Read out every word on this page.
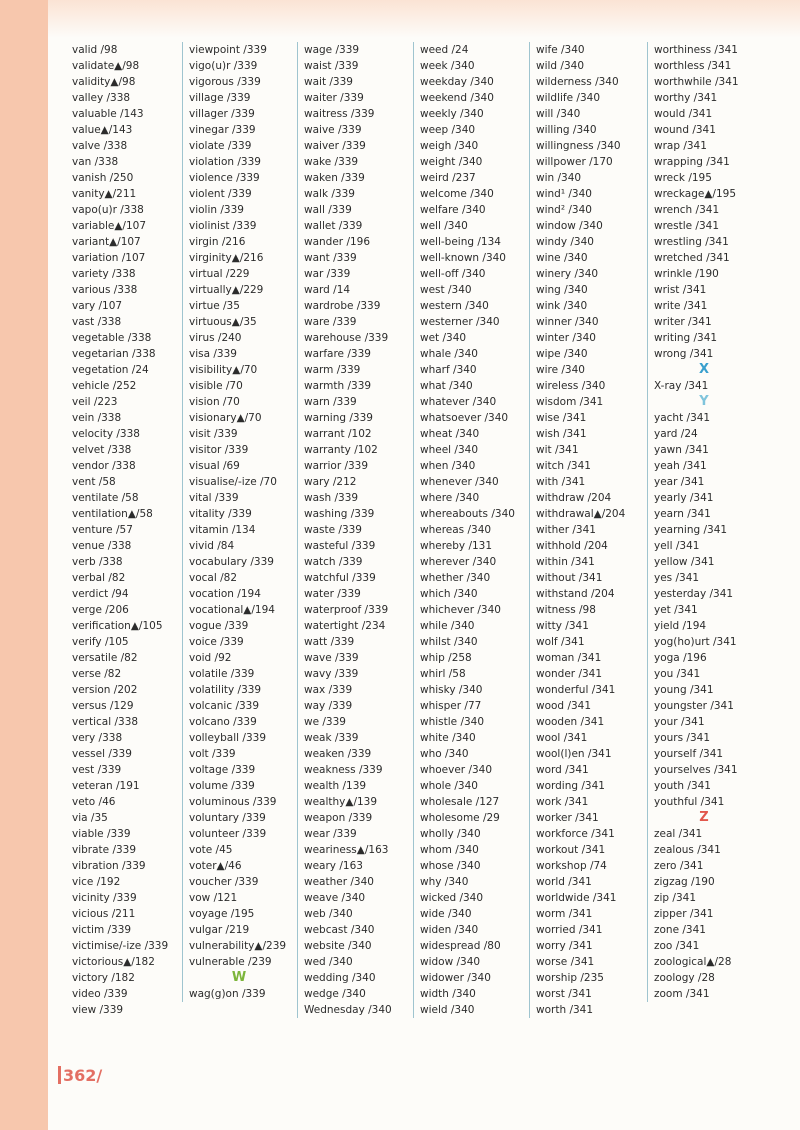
valid /98
validate▲/98
validity▲/98
valley /338
valuable /143
value▲/143
valve /338
van /338
vanish /250
vanity▲/211
vapo(u)r /338
variable▲/107
variant▲/107
variation /107
variety /338
various /338
vary /107
vast /338
vegetable /338
vegetarian /338
vegetation /24
vehicle /252
veil /223
vein /338
velocity /338
velvet /338
vendor /338
vent /58
ventilate /58
ventilation▲/58
venture /57
venue /338
verb /338
verbal /82
verdict /94
verge /206
verification▲/105
verify /105
versatile /82
verse /82
version /202
versus /129
vertical /338
very /338
vessel /339
vest /339
veteran /191
veto /46
via /35
viable /339
vibrate /339
vibration /339
vice /192
vicinity /339
vicious /211
victim /339
victimise/-ize /339
victorious▲/182
victory /182
video /339
view /339
viewpoint /339
vigo(u)r /339
vigorous /339
village /339
villager /339
vinegar /339
violate /339
violation /339
violence /339
violent /339
violin /339
violinist /339
virgin /216
virginity▲/216
virtual /229
virtually▲/229
virtue /35
virtuous▲/35
virus /240
visa /339
visibility▲/70
visible /70
vision /70
visionary▲/70
visit /339
visitor /339
visual /69
visualise/-ize /70
vital /339
vitality /339
vitamin /134
vivid /84
vocabulary /339
vocal /82
vocation /194
vocational▲/194
vogue /339
voice /339
void /92
volatile /339
volatility /339
volcanic /339
volcano /339
volleyball /339
volt /339
voltage /339
volume /339
voluminous /339
voluntary /339
volunteer /339
vote /45
voter▲/46
voucher /339
vow /121
voyage /195
vulgar /219
vulnerability▲/239
vulnerable /239
W
wag(g)on /339
wage /339
waist /339
wait /339
waiter /339
waitress /339
waive /339
waiver /339
wake /339
waken /339
walk /339
wall /339
wallet /339
wander /196
want /339
war /339
ward /14
wardrobe /339
ware /339
warehouse /339
warfare /339
warm /339
warmth /339
warn /339
warning /339
warrant /102
warranty /102
warrior /339
wary /212
wash /339
washing /339
waste /339
wasteful /339
watch /339
watchful /339
water /339
waterproof /339
watertight /234
watt /339
wave /339
wavy /339
wax /339
way /339
we /339
weak /339
weaken /339
weakness /339
wealth /139
wealthy▲/139
weapon /339
wear /339
weariness▲/163
weary /163
weather /340
weave /340
web /340
webcast /340
website /340
wed /340
wedding /340
wedge /340
Wednesday /340
weed /24
week /340
weekday /340
weekend /340
weekly /340
weep /340
weigh /340
weight /340
weird /237
welcome /340
welfare /340
well /340
well-being /134
well-known /340
well-off /340
west /340
western /340
westerner /340
wet /340
whale /340
wharf /340
what /340
whatever /340
whatsoever /340
wheat /340
wheel /340
when /340
whenever /340
where /340
whereabouts /340
whereas /340
whereby /131
wherever /340
whether /340
which /340
whichever /340
while /340
whilst /340
whip /258
whirl /58
whisky /340
whisper /77
whistle /340
white /340
who /340
whoever /340
whole /340
wholesale /127
wholesome /29
wholly /340
whom /340
whose /340
why /340
wicked /340
wide /340
widen /340
widespread /80
widow /340
widower /340
width /340
wield /340
wife /340
wild /340
wilderness /340
wildlife /340
will /340
willing /340
willingness /340
willpower /170
win /340
wind¹ /340
wind² /340
window /340
windy /340
wine /340
winery /340
wing /340
wink /340
winner /340
winter /340
wipe /340
wire /340
wireless /340
wisdom /341
wise /341
wish /341
wit /341
witch /341
with /341
withdraw /204
withdrawal▲/204
wither /341
withhold /204
within /341
without /341
withstand /204
witness /98
witty /341
wolf /341
woman /341
wonder /341
wonderful /341
wood /341
wooden /341
wool /341
wool(l)en /341
word /341
wording /341
work /341
worker /341
workforce /341
workout /341
workshop /74
world /341
worldwide /341
worm /341
worried /341
worry /341
worse /341
worship /235
worst /341
worth /341
worthiness /341
worthless /341
worthwhile /341
worthy /341
would /341
wound /341
wrap /341
wrapping /341
wreck /195
wreckage▲/195
wrench /341
wrestle /341
wrestling /341
wretched /341
wrinkle /190
wrist /341
write /341
writer /341
writing /341
wrong /341
X
X-ray /341
Y
yacht /341
yard /24
yawn /341
yeah /341
year /341
yearly /341
yearn /341
yearning /341
yell /341
yellow /341
yes /341
yesterday /341
yet /341
yield /194
yog(ho)urt /341
yoga /196
you /341
young /341
youngster /341
your /341
yours /341
yourself /341
yourselves /341
youth /341
youthful /341
Z
zeal /341
zealous /341
zero /341
zigzag /190
zip /341
zipper /341
zone /341
zoo /341
zoological▲/28
zoology /28
zoom /341
362/
